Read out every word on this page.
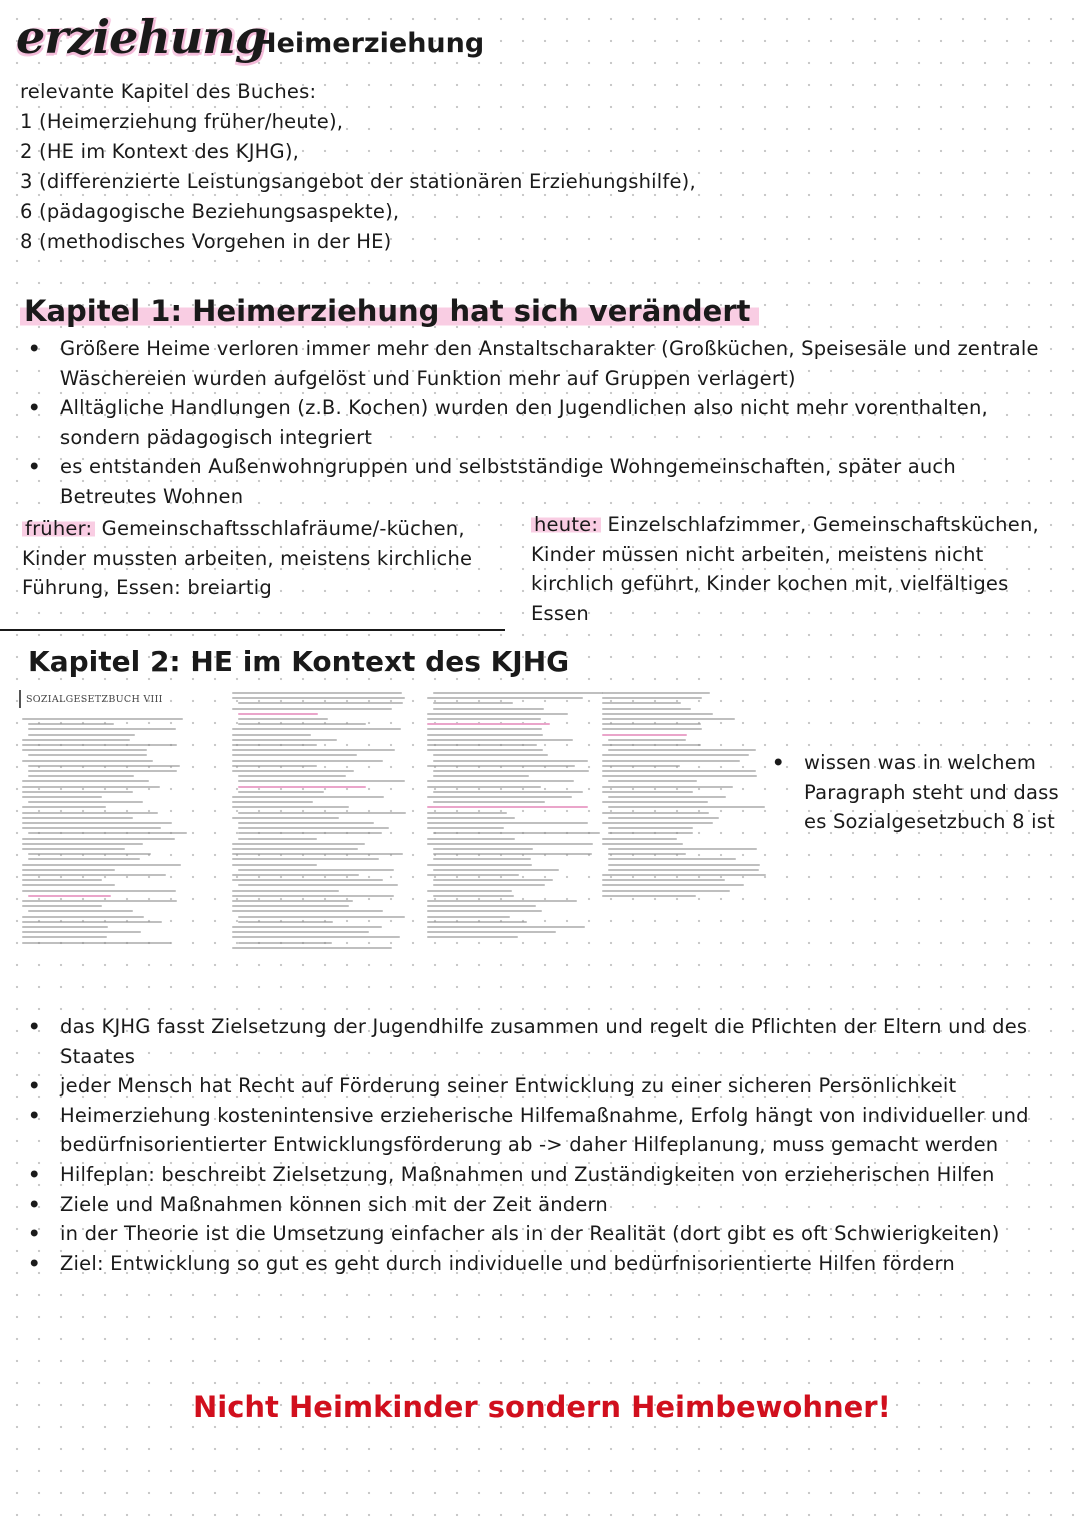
erziehung
Heimerziehung
relevante Kapitel des Buches:
1 (Heimerziehung früher/heute),
2 (HE im Kontext des KJHG),
3 (differenzierte Leistungsangebot der stationären Erziehungshilfe),
6 (pädagogische Beziehungsaspekte),
8 (methodisches Vorgehen in der HE)
Kapitel 1: Heimerziehung hat sich verändert
• Größere Heime verloren immer mehr den Anstaltscharakter (Großküchen, Speisesäle und zentrale Wäschereien wurden aufgelöst und Funktion mehr auf Gruppen verlagert)
• Alltägliche Handlungen (z.B. Kochen) wurden den Jugendlichen also nicht mehr vorenthalten, sondern pädagogisch integriert
• es entstanden Außenwohngruppen und selbstständige Wohngemeinschaften, später auch Betreutes Wohnen
früher: Gemeinschaftsschlafräume/-küchen, Kinder mussten arbeiten, meistens kirchliche Führung, Essen: breiartig
heute: Einzelschlafzimmer, Gemeinschaftsküchen, Kinder müssen nicht arbeiten, meistens nicht kirchlich geführt, Kinder kochen mit, vielfältiges Essen
Kapitel 2: HE im Kontext des KJHG
SOZIALGESETZBUCH VIII
• wissen was in welchem Paragraph steht und dass es Sozialgesetzbuch 8 ist
• das KJHG fasst Zielsetzung der Jugendhilfe zusammen und regelt die Pflichten der Eltern und des Staates
• jeder Mensch hat Recht auf Förderung seiner Entwicklung zu einer sicheren Persönlichkeit
• Heimerziehung kostenintensive erzieherische Hilfemaßnahme, Erfolg hängt von individueller und bedürfnisorientierter Entwicklungsförderung ab -> daher Hilfeplanung, muss gemacht werden
• Hilfeplan: beschreibt Zielsetzung, Maßnahmen und Zuständigkeiten von erzieherischen Hilfen
• Ziele und Maßnahmen können sich mit der Zeit ändern
• in der Theorie ist die Umsetzung einfacher als in der Realität (dort gibt es oft Schwierigkeiten)
• Ziel: Entwicklung so gut es geht durch individuelle und bedürfnisorientierte Hilfen fördern
Nicht Heimkinder sondern Heimbewohner!
